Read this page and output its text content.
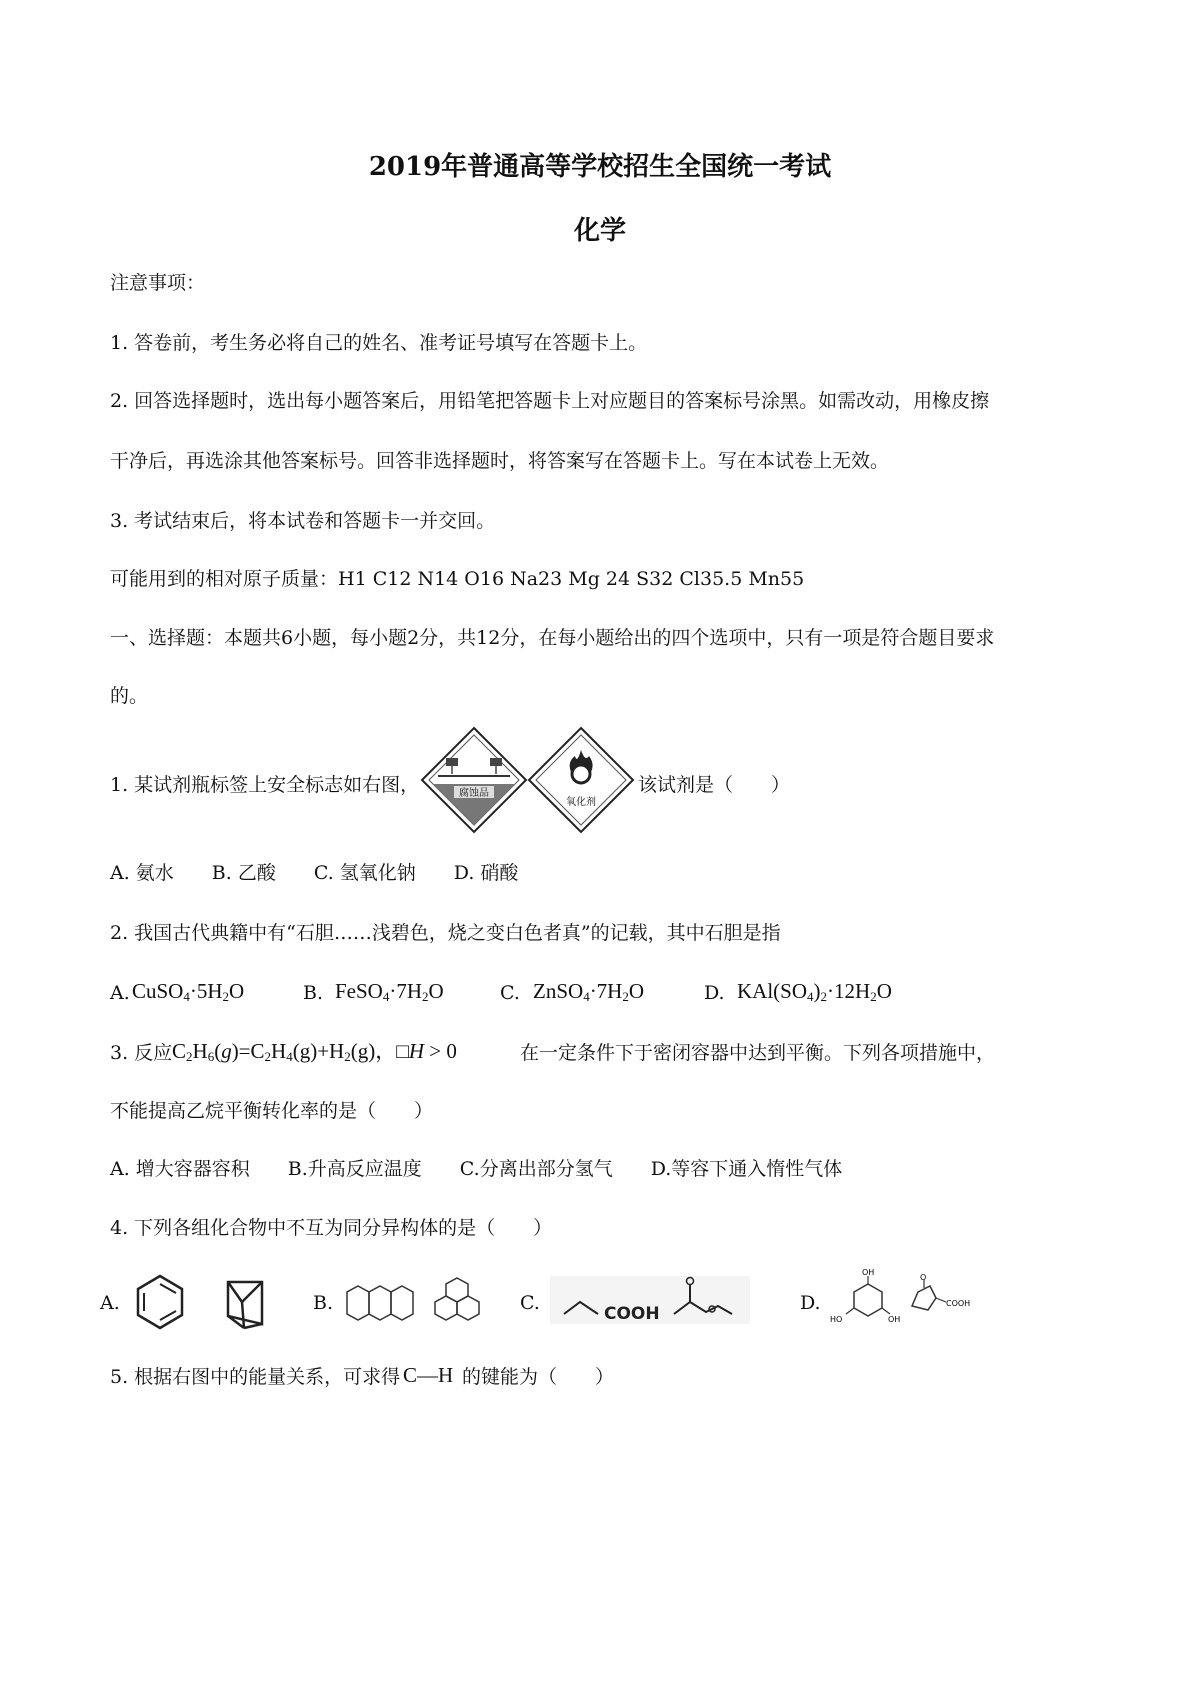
2019年普通高等学校招生全国统一考试
化学
注意事项：
1. 答卷前，考生务必将自己的姓名、准考证号填写在答题卡上。
2. 回答选择题时，选出每小题答案后，用铅笔把答题卡上对应题目的答案标号涂黑。如需改动，用橡皮擦
干净后，再选涂其他答案标号。回答非选择题时，将答案写在答题卡上。写在本试卷上无效。
3. 考试结束后，将本试卷和答题卡一并交回。
可能用到的相对原子质量：H1 C12 N14 O16 Na23 Mg 24 S32 Cl35.5 Mn55
一、选择题：本题共6小题，每小题2分，共12分，在每小题给出的四个选项中，只有一项是符合题目要求
的。
1. 某试剂瓶标签上安全标志如右图，	该试剂是（　　）
腐蚀品
氧化剂
A. 氨水　　B. 乙酸　　C. 氢氧化钠　　D. 硝酸
2. 我国古代典籍中有“石胆……浅碧色，烧之变白色者真”的记载，其中石胆是指
A. $CuSO_4\cdot 5H_2O$	B. $FeSO_4\cdot 7H_2O$	C. $ZnSO_4\cdot 7H_2O$	D. $KAl(SO_4)_2\cdot 12H_2O$
3. 反应 $C_2H_6(g)=C_2H_4(g)+H_2(g)$，□H > 0	在一定条件下于密闭容器中达到平衡。下列各项措施中，
不能提高乙烷平衡转化率的是（　　）
A. 增大容器容积　　B.升高反应温度　　C.分离出部分氢气　　D.等容下通入惰性气体
4. 下列各组化合物中不互为同分异构体的是（　　）
A.	B.	C.	COOH	D.
OH
HO	OH
O
COOH
5. 根据右图中的能量关系，可求得 C—H 的键能为（　　）
